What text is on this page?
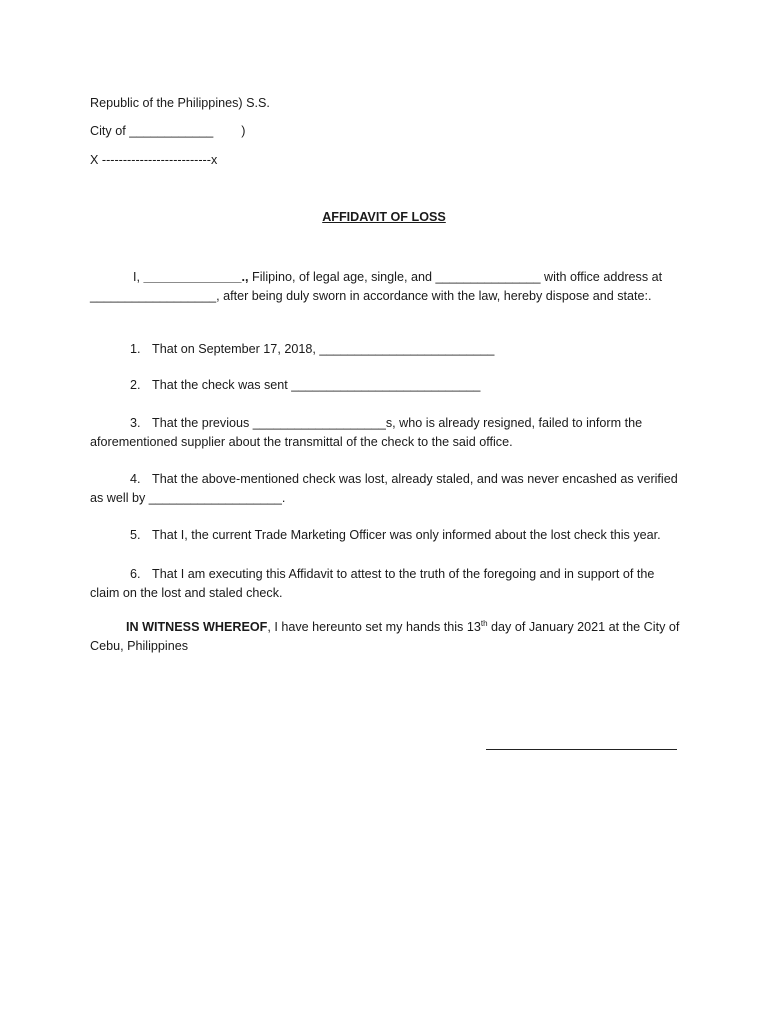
Republic of the Philippines) S.S.
City of ____________        )
X --------------------------x
AFFIDAVIT OF LOSS
I, ______________., Filipino, of legal age, single, and _______________ with office address at
__________________, after being duly sworn in accordance with the law, hereby dispose and state:.
1. That on September 17, 2018, _________________________
2. That the check was sent ___________________________
3. That the previous ___________________s, who is already resigned, failed to inform the
aforementioned supplier about the transmittal of the check to the said office.
4. That the above-mentioned check was lost, already staled, and was never encashed as verified
as well by ___________________.
5. That I, the current Trade Marketing Officer was only informed about the lost check this year.
6. That I am executing this Affidavit to attest to the truth of the foregoing and in support of the
claim on the lost and staled check.
IN WITNESS WHEREOF, I have hereunto set my hands this 13th day of January 2021 at the City of
Cebu, Philippines
